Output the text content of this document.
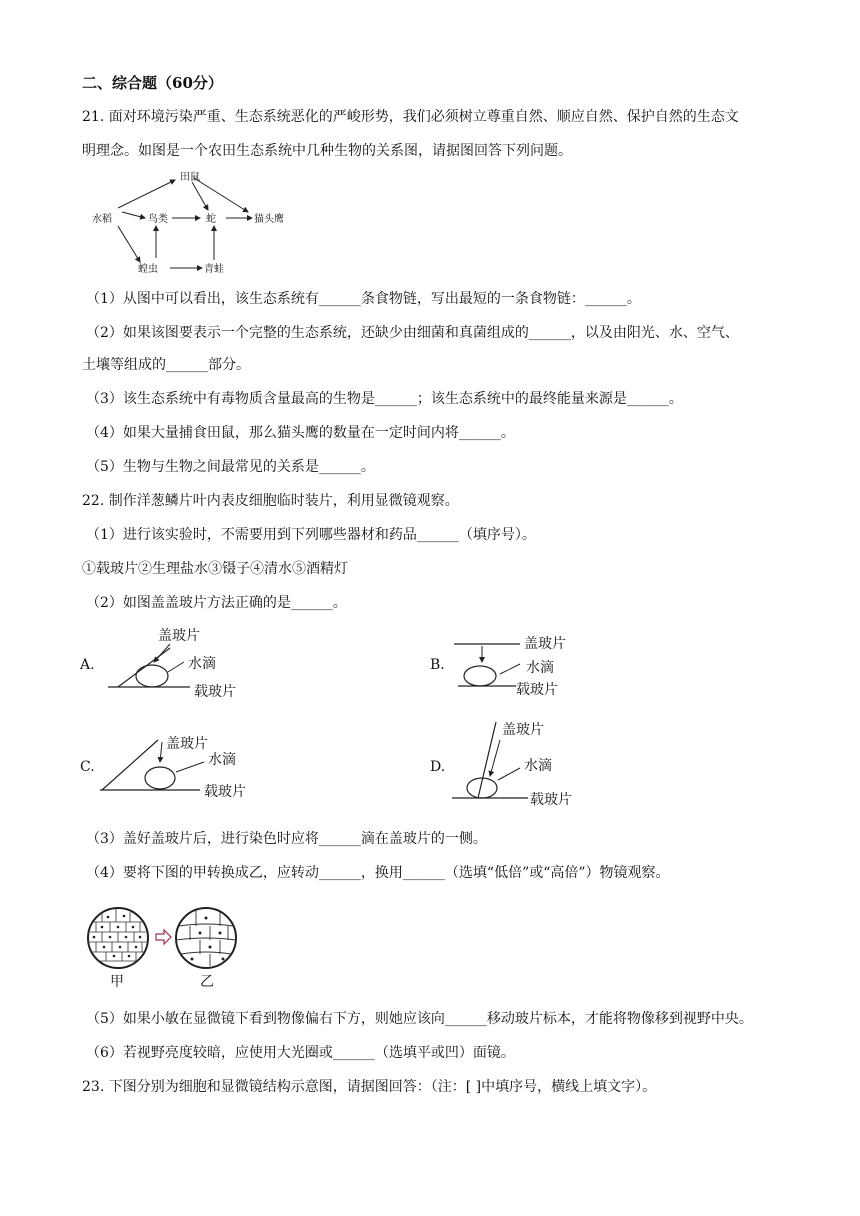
二、综合题（60分）
21. 面对环境污染严重、生态系统恶化的严峻形势，我们必须树立尊重自然、顺应自然、保护自然的生态文
明理念。如图是一个农田生态系统中几种生物的关系图，请据图回答下列问题。
田鼠
水稻	鸟类	蛇	猫头鹰
蝗虫	青蛙
（1）从图中可以看出，该生态系统有______条食物链，写出最短的一条食物链：______。
（2）如果该图要表示一个完整的生态系统，还缺少由细菌和真菌组成的______，以及由阳光、水、空气、
土壤等组成的______部分。
（3）该生态系统中有毒物质含量最高的生物是______；该生态系统中的最终能量来源是______。
（4）如果大量捕食田鼠，那么猫头鹰的数量在一定时间内将______。
（5）生物与生物之间最常见的关系是______。
22. 制作洋葱鳞片叶内表皮细胞临时装片，利用显微镜观察。
（1）进行该实验时，不需要用到下列哪些器材和药品______（填序号）。
①载玻片②生理盐水③镊子④清水⑤酒精灯
（2）如图盖盖玻片方法正确的是______。
A.
盖玻片
水滴
载玻片
B.
盖玻片
水滴
载玻片
C.
盖玻片
水滴
载玻片
D.
盖玻片
水滴
载玻片
（3）盖好盖玻片后，进行染色时应将______滴在盖玻片的一侧。
（4）要将下图的甲转换成乙，应转动______，换用______（选填“低倍”或“高倍”）物镜观察。
甲	乙
（5）如果小敏在显微镜下看到物像偏右下方，则她应该向______移动玻片标本，才能将物像移到视野中央。
（6）若视野亮度较暗，应使用大光圈或______（选填平或凹）面镜。
23. 下图分别为细胞和显微镜结构示意图，请据图回答：（注：[ ]中填序号，横线上填文字）。
